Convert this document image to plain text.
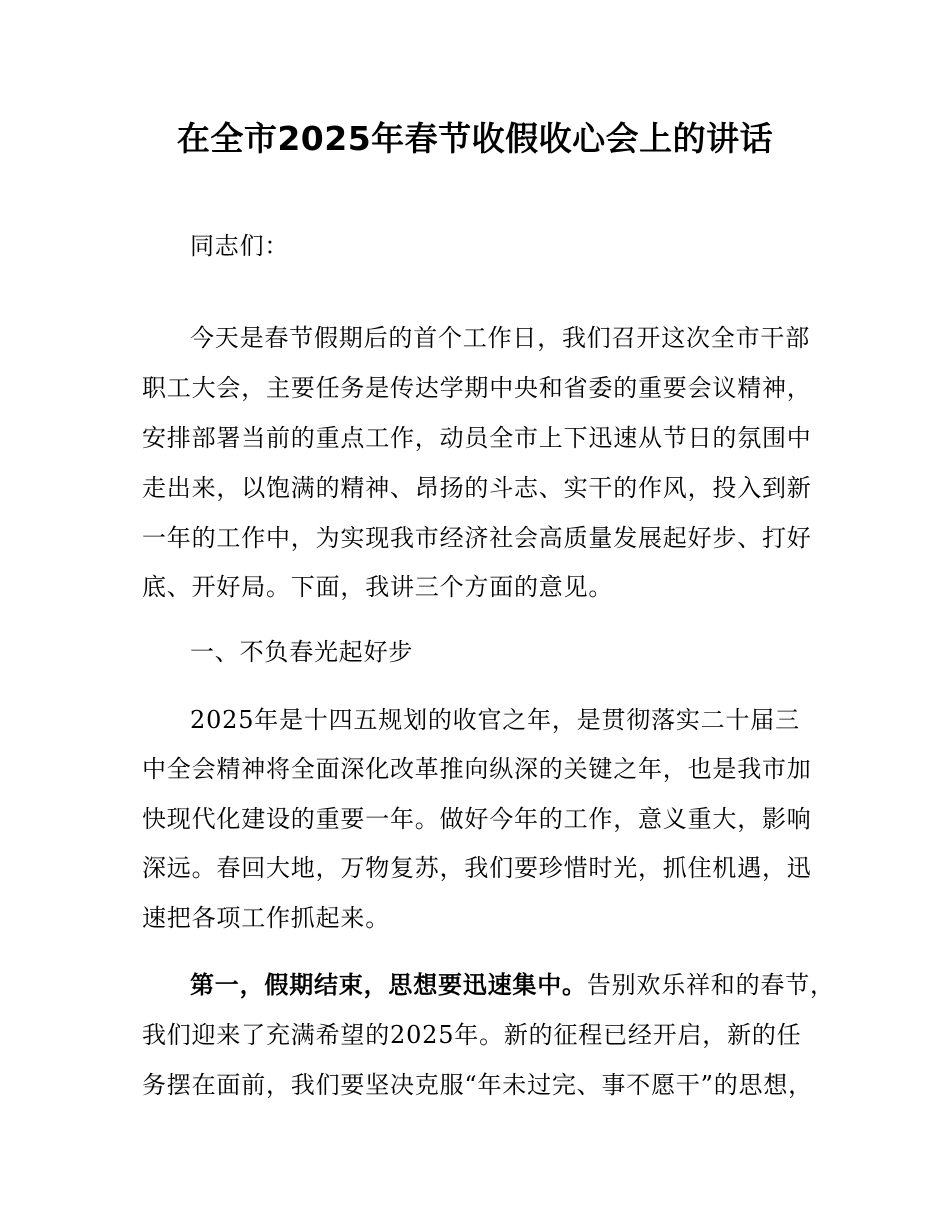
在全市2025年春节收假收心会上的讲话
同志们：
今天是春节假期后的首个工作日，我们召开这次全市干部
职工大会，主要任务是传达学期中央和省委的重要会议精神，
安排部署当前的重点工作，动员全市上下迅速从节日的氛围中
走出来，以饱满的精神、昂扬的斗志、实干的作风，投入到新
一年的工作中，为实现我市经济社会高质量发展起好步、打好
底、开好局。下面，我讲三个方面的意见。
一、不负春光起好步
2025年是十四五规划的收官之年，是贯彻落实二十届三
中全会精神将全面深化改革推向纵深的关键之年，也是我市加
快现代化建设的重要一年。做好今年的工作，意义重大，影响
深远。春回大地，万物复苏，我们要珍惜时光，抓住机遇，迅
速把各项工作抓起来。
第一，假期结束，思想要迅速集中。告别欢乐祥和的春节，
我们迎来了充满希望的2025年。新的征程已经开启，新的任
务摆在面前，我们要坚决克服“年未过完、事不愿干”的思想，
